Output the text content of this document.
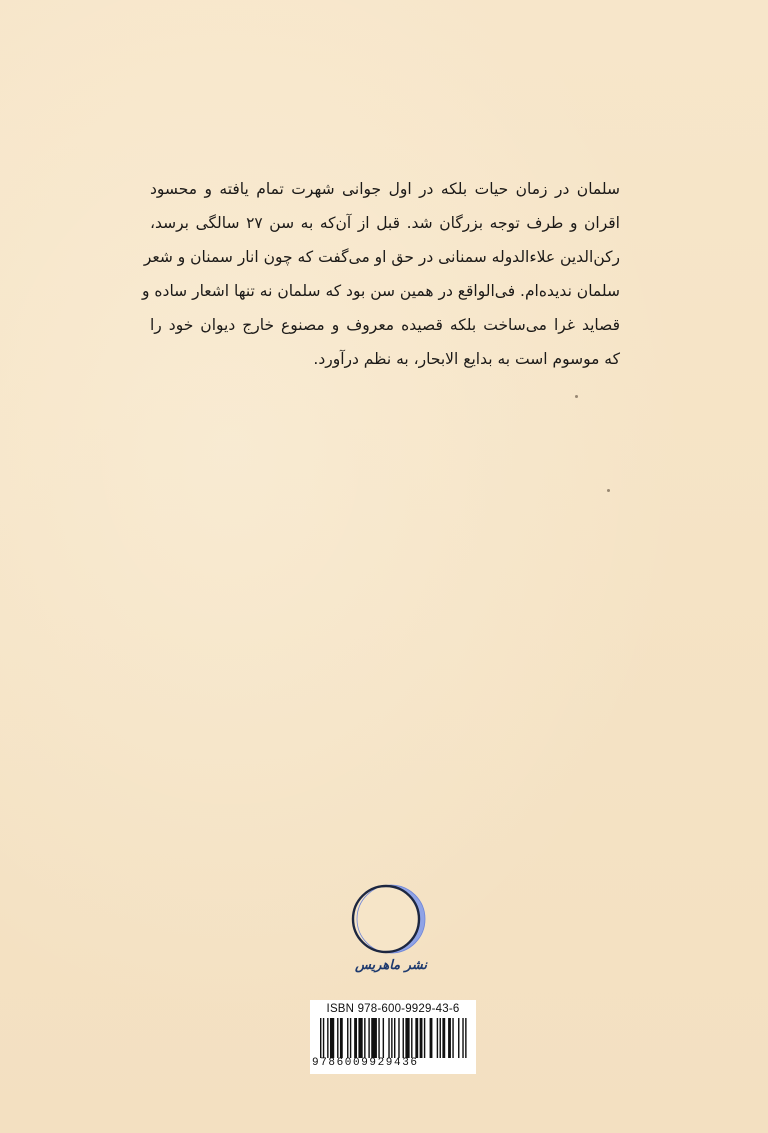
سلمان در زمان حیات بلکه در اول جوانی شهرت تمام یافته و محسود
اقران و طرف توجه بزرگان شد. قبل از آن‌که به سن ۲۷ سالگی برسد،
رکن‌الدین علاءالدوله سمنانی در حق او می‌گفت که چون انار سمنان و شعر
سلمان ندیده‌ام. فی‌الواقع در همین سن بود که سلمان نه تنها اشعار ساده و
قصاید غرا می‌ساخت بلکه قصیده معروف و مصنوع خارج دیوان خود را
که موسوم است به بدایع الابحار، به نظم درآورد.
نشر ماهریس
ISBN 978-600-9929-43-6
9786009929436
